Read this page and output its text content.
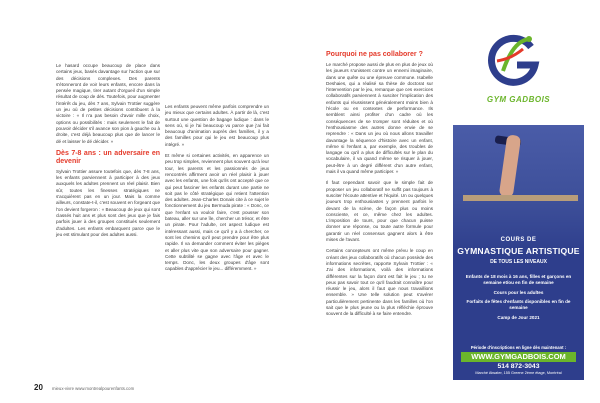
Le hasard occupe beaucoup de place dans certains jeux, basés davantage sur l'action que sur des décisions complexes. Des parents s'étonneront de voir leurs enfants, encore dans la pensée magique, tirer autant d'orgueil d'un simple résultat de coup de dés. Toutefois, pour augmenter l'intérêt du jeu, dès 7 ans, Sylvain Trottier suggère un jeu où de petites décisions contribuent à la victoire : « Il n'a pas besoin d'avoir mille choix, options ou possibilités : mais seulement le fait de pouvoir décider s'il avance son pion à gauche ou à droite, c'est déjà beaucoup plus que de lancer le dé et laisser le dé décider. »

Dès 7-8 ans : un adversaire en devenir

Sylvain Trottier assure toutefois que, dès 7-8 ans, les enfants parviennent à participer à des jeux auxquels les adultes prennent un réel plaisir. Bien sûr, toutes les finesses stratégiques ne s'acquièrent pas en un jour. Mais la comme ailleurs, constate-t-il, c'est souvent en forgeant que l'on devient forgeron : « Beaucoup de jeux qui sont classés huit ans et plus sont des jeux que je fais parfois jouer à des groupes constitués seulement d'adultes. Les enfants embarquent parce que le jeu est stimulant pour des adultes aussi.

Les enfants peuvent même parfois comprendre un jeu mieux que certains adultes. À partir de là, c'est surtout une question de bagage ludique : dans le sens où, si je l'ai beaucoup vu parce que j'ai fait beaucoup d'animation auprès des familles, il y a des familles pour qui le jeu est beaucoup plus intégré. »

Et même si certaines activités, en apparence un peu trop simples, reviennent plus souvent qu'à leur tour, les parents et les passionnés de jeux rencontrés affirment avoir un réel plaisir à jouer avec les enfants, une fois qu'ils ont accepté que ce qui peut fasciner les enfants durant une partie ne soit pas le côté stratégique qui retient l'attention des adultes. Jean-Charles Donais cite à ce sujet le fonctionnement du jeu Bermuda pirate : « Donc, ce que l'enfant va vouloir faire, c'est pousser son bateau, aller sur une île, chercher un trésor, et être un pirate. Pour l'adulte, cet aspect ludique est intéressant aussi, mais ce qu'il y a à chercher, ce sont les chemins qu'il peut prendre pour être plus rapide. Il va demander comment éviter les pièges et aller plus vite que son adversaire pour gagner. Cette subtilité se gagne avec l'âge et avec le temps. Donc, les deux groupes d'âge sont capables d'apprécier le jeu... différemment. »

Pourquoi ne pas collaborer ?

Le marché propose aussi de plus en plus de jeux où les joueurs s'unissent contre un ennemi imaginaire, dans une quête ou une épreuve commune. Isabelle Deshaies, qui a réalisé sa thèse de doctorat sur l'intervention par le jeu, remarque que ces exercices collaboratifs parviennent à susciter l'implication des enfants qui réussissent généralement moins bien à l'école ou en contextes de performance. Ils semblent ainsi profiter d'un cadre où les conséquences de se tromper sont réduites et où l'enthousiasme des autres donne envie de se reprendre : « Dans un jeu où nous allons travailler davantage la séquence d'histoire avec un enfant, même si l'enfant a, par exemple, des troubles de langage ou qu'il a plus de difficultés sur le plan du vocabulaire, il va quand même se risquer à jouer, peut-être à un degré différent d'un autre enfant, mais il va quand même participer. »

Il faut cependant savoir que le simple fait de proposer un jeu collaboratif ne suffit pas toujours à susciter l'écoute attentive et l'équité. Un ou quelques joueurs trop enthousiastes y prennent parfois le devant de la scène, de façon plus ou moins consciente, et ce, même chez les adultes. L'imposition de tours, pour que chacun puisse donner une réponse, ou toute autre formule pour garantir un réel consensus gagnent alors à être mises de l'avant.

Certains concepteurs ont même prévu le coup en créant des jeux collaboratifs où chacun possède des informations secrètes, rapporte Sylvain Trottier : « J'ai des informations, voilà des informations différentes sur la façon dont est fait le jeu ; tu ne peux pas savoir tout ce qu'il faudrait connaître pour réussir le jeu, alors il faut que nous travaillions ensemble. » Une telle solution peut s'avérer particulièrement pertinente dans les familles où l'on sait que le plus jeune ou la plus réfléchie éprouve souvent de la difficulté à se faire entendre.

GYM GADBOIS
COURS DE
GYMNASTIQUE ARTISTIQUE
DE TOUS LES NIVEAUX
Enfants de 18 mois à 16 ans, filles et garçons en semaine et/ou en fin de semaine
Cours pour les adultes
Forfaits de fêtes d'enfants disponibles en fin de semaine
Camp de Jour 2021
Période d'inscriptions en ligne dès maintenant :
WWW.GYMGADBOIS.COM
514 872-3043
Marché Atwater, 155 Greene 2ème étage, Montréal
20 mieux-vivre www.montrealpourenfants.com
